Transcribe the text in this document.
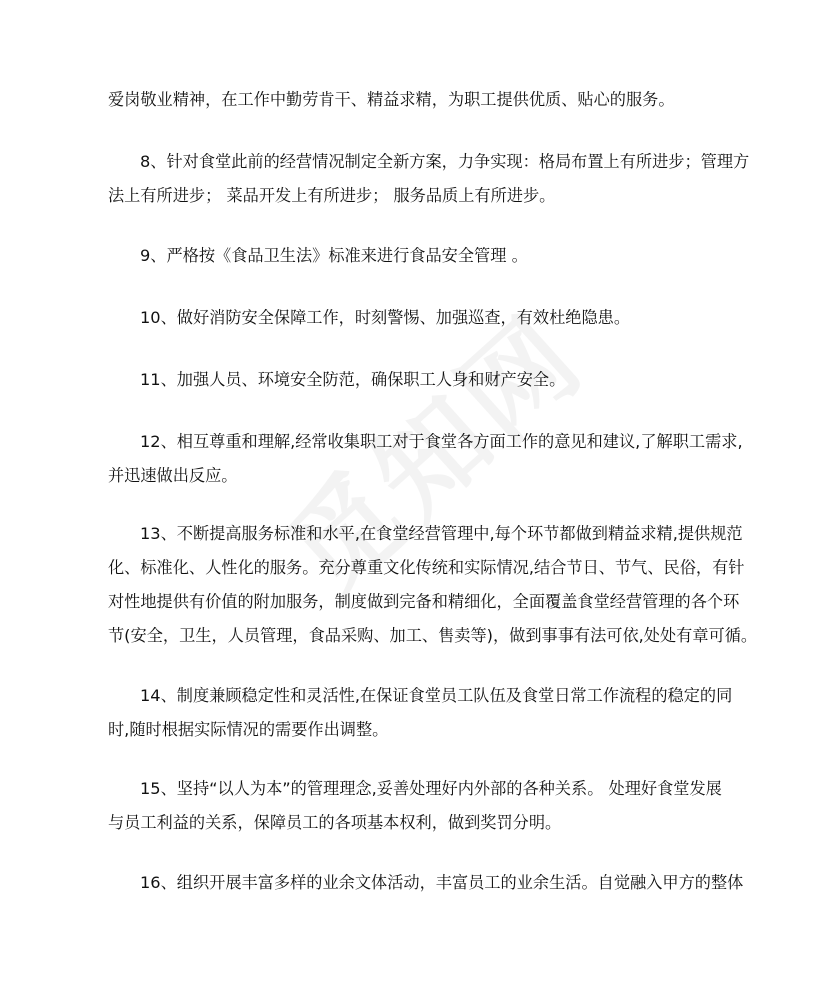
爱岗敬业精神，在工作中勤劳肯干、精益求精，为职工提供优质、贴心的服务。

8、针对食堂此前的经营情况制定全新方案，力争实现：格局布置上有所进步；管理方
法上有所进步； 菜品开发上有所进步； 服务品质上有所进步。

9、严格按《食品卫生法》标准来进行食品安全管理 。

10、做好消防安全保障工作，时刻警惕、加强巡查，有效杜绝隐患。

11、加强人员、环境安全防范，确保职工人身和财产安全。

12、相互尊重和理解,经常收集职工对于食堂各方面工作的意见和建议,了解职工需求,
并迅速做出反应。

13、不断提高服务标准和水平,在食堂经营管理中,每个环节都做到精益求精,提供规范
化、标准化、人性化的服务。充分尊重文化传统和实际情况,结合节日、节气、民俗，有针
对性地提供有价值的附加服务，制度做到完备和精细化，全面覆盖食堂经营管理的各个环
节(安全，卫生，人员管理，食品采购、加工、售卖等)，做到事事有法可依,处处有章可循。

14、制度兼顾稳定性和灵活性,在保证食堂员工队伍及食堂日常工作流程的稳定的同
时,随时根据实际情况的需要作出调整。

15、坚持“以人为本”的管理理念,妥善处理好内外部的各种关系。 处理好食堂发展
与员工利益的关系，保障员工的各项基本权利，做到奖罚分明。

16、组织开展丰富多样的业余文体活动，丰富员工的业余生活。自觉融入甲方的整体
